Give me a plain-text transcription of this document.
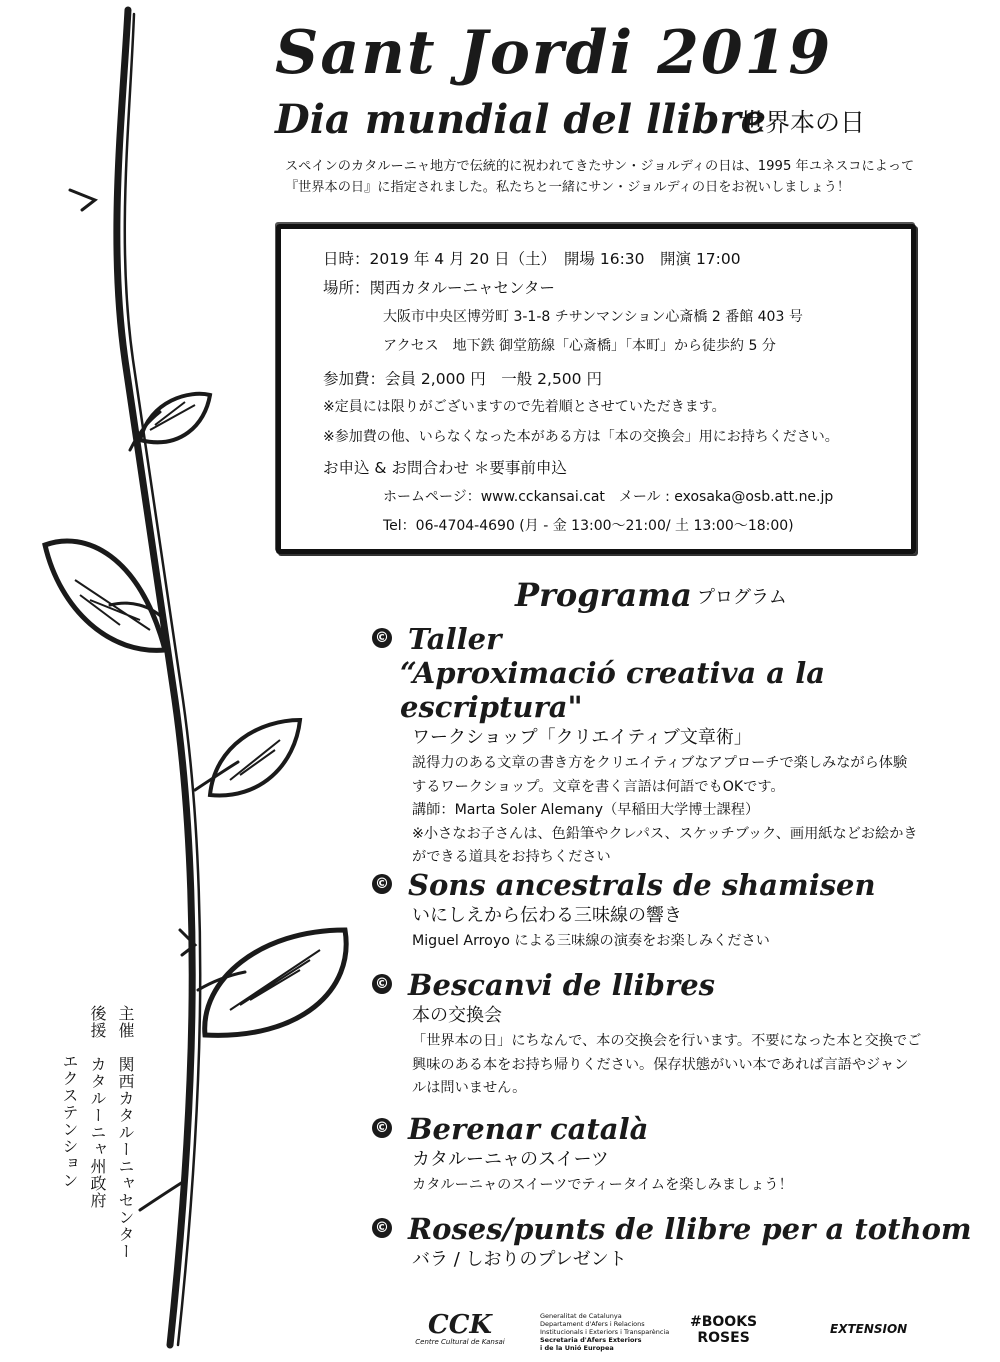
Sant Jordi 2019
Dia mundial del llibre
世界本の日
スペインのカタルーニャ地方で伝統的に祝われてきたサン・ジョルディの日は、1995 年ユネスコによって
『世界本の日』に指定されました。私たちと一緒にサン・ジョルディの日をお祝いしましょう！
日時：2019 年 4 月 20 日（土）　開場 16:30　開演 17:00
場所：関西カタルーニャセンター
大阪市中央区博労町 3-1-8 チサンマンション心斎橋 2 番館 403 号
アクセス　地下鉄 御堂筋線「心斎橋」「本町」から徒歩約 5 分
参加費：会員 2,000 円　一般 2,500 円
※定員には限りがございますので先着順とさせていただきます。
※参加費の他、いらなくなった本がある方は「本の交換会」用にお持ちください。
お申込 & お問合わせ ＊要事前申込
ホームページ：www.cckansai.cat　メール : exosaka@osb.att.ne.jp
Tel：06-4704-4690 (月 - 金 13:00～21:00/ 土 13:00～18:00)
Programa プログラム
© Taller
“Aproximació creativa a la escriptura"
ワークショップ「クリエイティブ文章術」
説得力のある文章の書き方をクリエイティブなアプローチで楽しみながら体験
するワークショップ。文章を書く言語は何語でもOKです。
講師：Marta Soler Alemany（早稲田大学博士課程）
※小さなお子さんは、色鉛筆やクレパス、スケッチブック、画用紙などお絵かき
ができる道具をお持ちください
© Sons ancestrals de shamisen
いにしえから伝わる三味線の響き
Miguel Arroyo による三味線の演奏をお楽しみください
© Bescanvi de llibres
本の交換会
「世界本の日」にちなんで、本の交換会を行います。不要になった本と交換でご
興味のある本をお持ち帰りください。保存状態がいい本であれば言語やジャン
ルは問いません。
© Berenar català
カタルーニャのスイーツ
カタルーニャのスイーツでティータイムを楽しみましょう！
© Roses/punts de llibre per a tothom
バラ / しおりのプレゼント
主催　関西カタルーニャセンター
後援　カタルーニャ州政府
エクステンション
CCK
Centre Cultural de Kansai
Generalitat de Catalunya
Departament d'Afers i Relacions
Institucionals i Exteriors i Transparència
Secretaria d'Afers Exteriors
i de la Unió Europea
#BOOKS
ROSES
EXTENSION
